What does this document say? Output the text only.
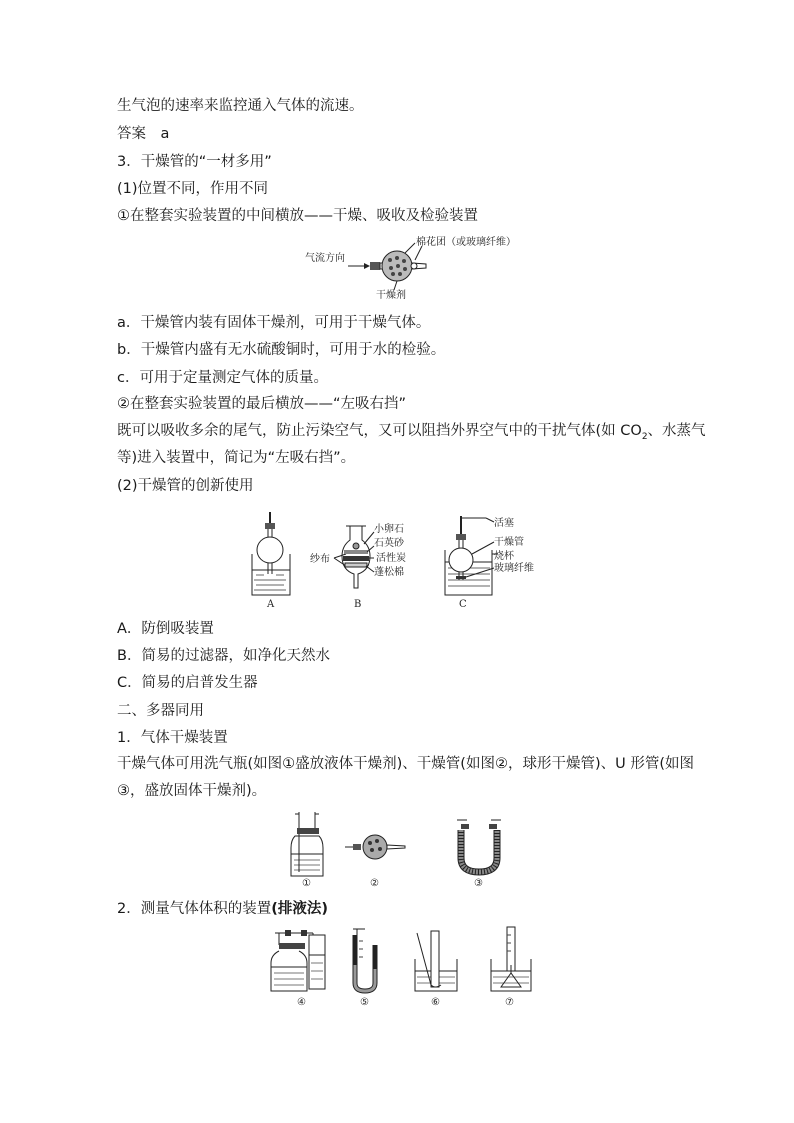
生气泡的速率来监控通入气体的流速。
答案　a
3．干燥管的“一材多用”
(1)位置不同，作用不同
①在整套实验装置的中间横放——干燥、吸收及检验装置
气流方向
棉花团（或玻璃纤维）
干燥剂
a．干燥管内装有固体干燥剂，可用于干燥气体。
b．干燥管内盛有无水硫酸铜时，可用于水的检验。
c．可用于定量测定气体的质量。
②在整套实验装置的最后横放——“左吸右挡”
既可以吸收多余的尾气，防止污染空气，又可以阻挡外界空气中的干扰气体(如 $CO_2$、水蒸气
等)进入装置中，简记为“左吸右挡”。
(2)干燥管的创新使用
A
纱布
小卵石
石英砂
活性炭
蓬松棉
B
活塞
干燥管
烧杯
玻璃纤维
C
A．防倒吸装置
B．简易的过滤器，如净化天然水
C．简易的启普发生器
二、多器同用
1．气体干燥装置
干燥气体可用洗气瓶(如图①盛放液体干燥剂)、干燥管(如图②，球形干燥管)、U 形管(如图
③，盛放固体干燥剂)。
①	②	③
2．测量气体体积的装置(排液法)
④	⑤	⑥	⑦
